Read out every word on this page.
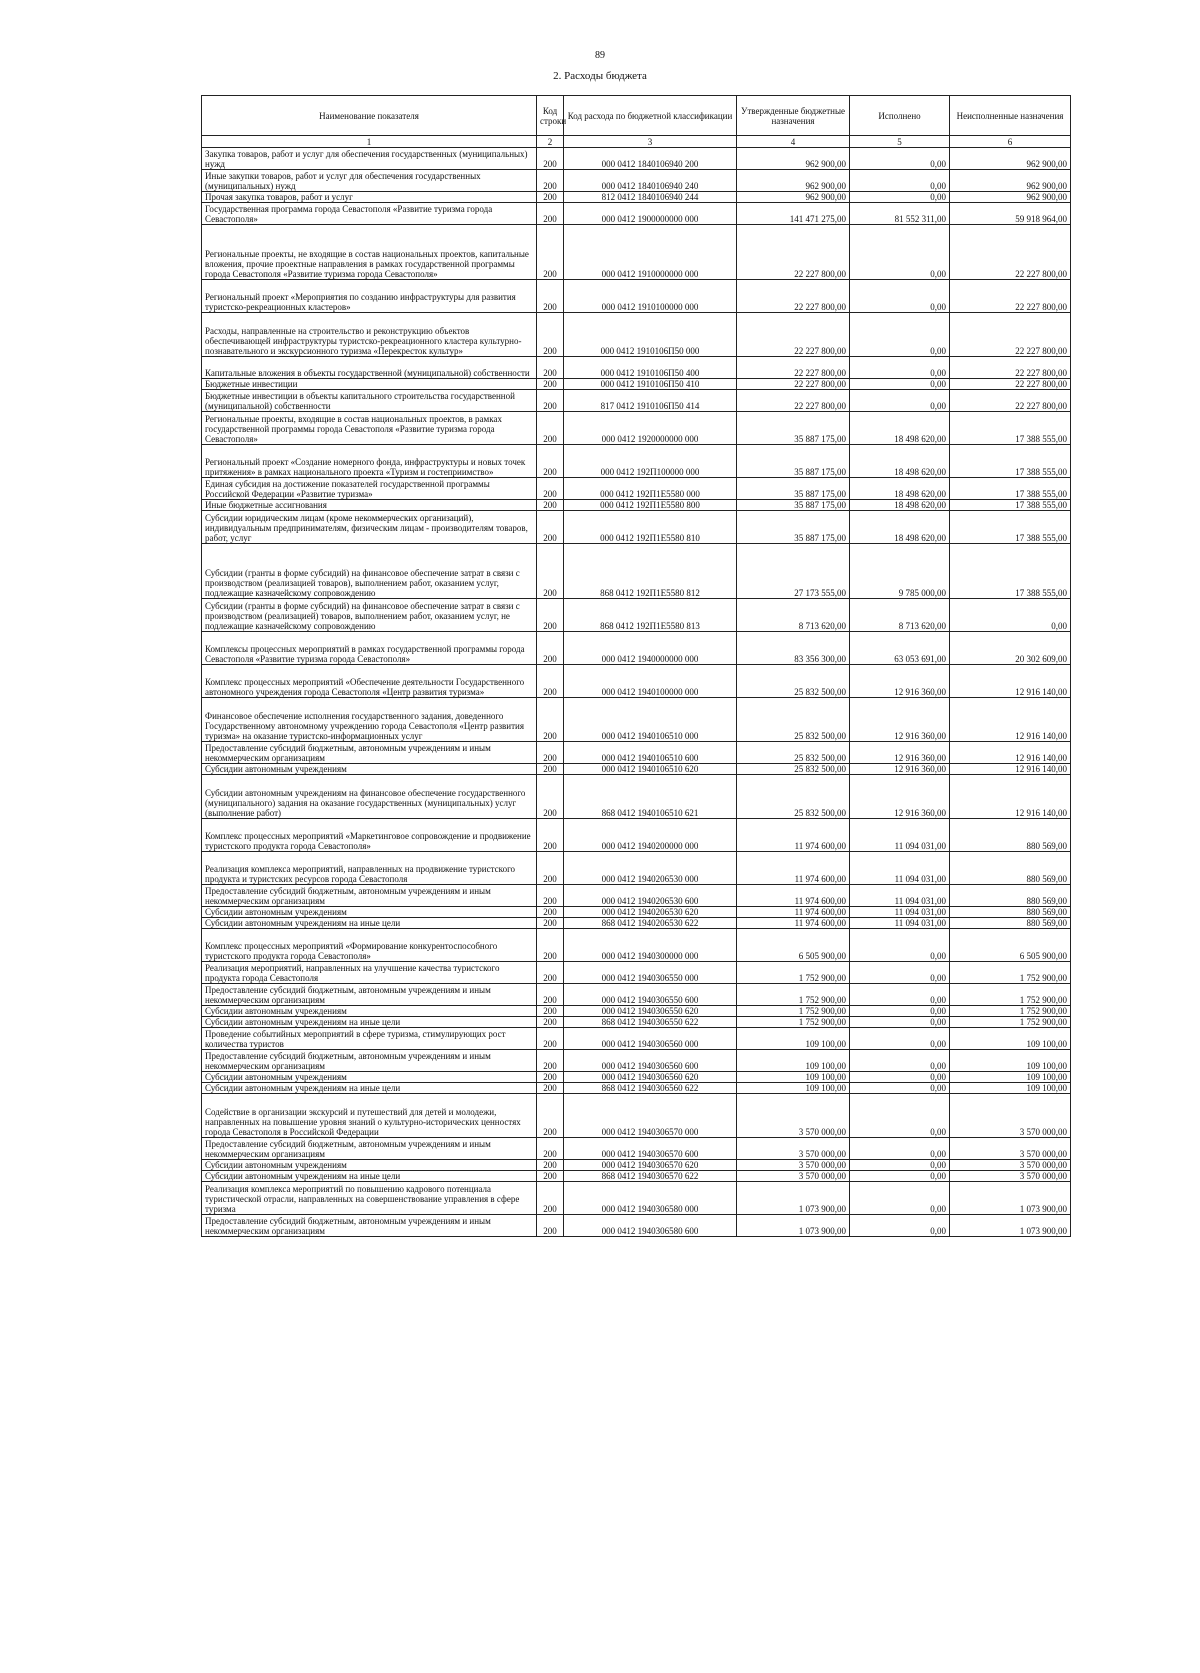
89
2. Расходы бюджета
Наименование показателя	Код строки	Код расхода по бюджетной классификации	Утвержденные бюджетные назначения	Исполнено	Неисполненные назначения
1	2	3	4	5	6
Закупка товаров, работ и услуг для обеспечения государственных (муниципальных) нужд	200	000 0412 1840106940 200	962 900,00	0,00	962 900,00
Иные закупки товаров, работ и услуг для обеспечения государственных (муниципальных) нужд	200	000 0412 1840106940 240	962 900,00	0,00	962 900,00
Прочая закупка товаров, работ и услуг	200	812 0412 1840106940 244	962 900,00	0,00	962 900,00
Государственная программа города Севастополя «Развитие туризма города Севастополя»	200	000 0412 1900000000 000	141 471 275,00	81 552 311,00	59 918 964,00
Региональные проекты, не входящие в состав национальных проектов, капитальные вложения, прочие проектные направления в рамках государственной программы города Севастополя «Развитие туризма города Севастополя»	200	000 0412 1910000000 000	22 227 800,00	0,00	22 227 800,00
Региональный проект «Мероприятия по созданию инфраструктуры для развития туристско-рекреационных кластеров»	200	000 0412 1910100000 000	22 227 800,00	0,00	22 227 800,00
Расходы, направленные на строительство и реконструкцию объектов обеспечивающей инфраструктуры туристско-рекреационного кластера культурно-познавательного и экскурсионного туризма «Перекресток культур»	200	000 0412 1910106П50 000	22 227 800,00	0,00	22 227 800,00
Капитальные вложения в объекты государственной (муниципальной) собственности	200	000 0412 1910106П50 400	22 227 800,00	0,00	22 227 800,00
Бюджетные инвестиции	200	000 0412 1910106П50 410	22 227 800,00	0,00	22 227 800,00
Бюджетные инвестиции в объекты капитального строительства государственной (муниципальной) собственности	200	817 0412 1910106П50 414	22 227 800,00	0,00	22 227 800,00
Региональные проекты, входящие в состав национальных проектов, в рамках государственной программы города Севастополя «Развитие туризма города Севастополя»	200	000 0412 1920000000 000	35 887 175,00	18 498 620,00	17 388 555,00
Региональный проект «Создание номерного фонда, инфраструктуры и новых точек притяжения» в рамках национального проекта «Туризм и гостеприимство»	200	000 0412 192П100000 000	35 887 175,00	18 498 620,00	17 388 555,00
Единая субсидия на достижение показателей государственной программы Российской Федерации «Развитие туризма»	200	000 0412 192П1Е5580 000	35 887 175,00	18 498 620,00	17 388 555,00
Иные бюджетные ассигнования	200	000 0412 192П1Е5580 800	35 887 175,00	18 498 620,00	17 388 555,00
Субсидии юридическим лицам (кроме некоммерческих организаций), индивидуальным предпринимателям, физическим лицам - производителям товаров, работ, услуг	200	000 0412 192П1Е5580 810	35 887 175,00	18 498 620,00	17 388 555,00
Субсидии (гранты в форме субсидий) на финансовое обеспечение затрат в связи с производством (реализацией товаров), выполнением работ, оказанием услуг, подлежащие казначейскому сопровождению	200	868 0412 192П1Е5580 812	27 173 555,00	9 785 000,00	17 388 555,00
Субсидии (гранты в форме субсидий) на финансовое обеспечение затрат в связи с производством (реализацией) товаров, выполнением работ, оказанием услуг, не подлежащие казначейскому сопровождению	200	868 0412 192П1Е5580 813	8 713 620,00	8 713 620,00	0,00
Комплексы процессных мероприятий в рамках государственной программы города Севастополя «Развитие туризма города Севастополя»	200	000 0412 1940000000 000	83 356 300,00	63 053 691,00	20 302 609,00
Комплекс процессных мероприятий «Обеспечение деятельности Государственного автономного учреждения города Севастополя «Центр развития туризма»	200	000 0412 1940100000 000	25 832 500,00	12 916 360,00	12 916 140,00
Финансовое обеспечение исполнения государственного задания, доведенного Государственному автономному учреждению города Севастополя «Центр развития туризма» на оказание туристско-информационных услуг	200	000 0412 1940106510 000	25 832 500,00	12 916 360,00	12 916 140,00
Предоставление субсидий бюджетным, автономным учреждениям и иным некоммерческим организациям	200	000 0412 1940106510 600	25 832 500,00	12 916 360,00	12 916 140,00
Субсидии автономным учреждениям	200	000 0412 1940106510 620	25 832 500,00	12 916 360,00	12 916 140,00
Субсидии автономным учреждениям на финансовое обеспечение государственного (муниципального) задания на оказание государственных (муниципальных) услуг (выполнение работ)	200	868 0412 1940106510 621	25 832 500,00	12 916 360,00	12 916 140,00
Комплекс процессных мероприятий «Маркетинговое сопровождение и продвижение туристского продукта города Севастополя»	200	000 0412 1940200000 000	11 974 600,00	11 094 031,00	880 569,00
Реализация комплекса мероприятий, направленных на продвижение туристского продукта и туристских ресурсов города Севастополя	200	000 0412 1940206530 000	11 974 600,00	11 094 031,00	880 569,00
Предоставление субсидий бюджетным, автономным учреждениям и иным некоммерческим организациям	200	000 0412 1940206530 600	11 974 600,00	11 094 031,00	880 569,00
Субсидии автономным учреждениям	200	000 0412 1940206530 620	11 974 600,00	11 094 031,00	880 569,00
Субсидии автономным учреждениям на иные цели	200	868 0412 1940206530 622	11 974 600,00	11 094 031,00	880 569,00
Комплекс процессных мероприятий «Формирование конкурентоспособного туристского продукта города Севастополя»	200	000 0412 1940300000 000	6 505 900,00	0,00	6 505 900,00
Реализация мероприятий, направленных на улучшение качества туристского продукта города Севастополя	200	000 0412 1940306550 000	1 752 900,00	0,00	1 752 900,00
Предоставление субсидий бюджетным, автономным учреждениям и иным некоммерческим организациям	200	000 0412 1940306550 600	1 752 900,00	0,00	1 752 900,00
Субсидии автономным учреждениям	200	000 0412 1940306550 620	1 752 900,00	0,00	1 752 900,00
Субсидии автономным учреждениям на иные цели	200	868 0412 1940306550 622	1 752 900,00	0,00	1 752 900,00
Проведение событийных мероприятий в сфере туризма, стимулирующих рост количества туристов	200	000 0412 1940306560 000	109 100,00	0,00	109 100,00
Предоставление субсидий бюджетным, автономным учреждениям и иным некоммерческим организациям	200	000 0412 1940306560 600	109 100,00	0,00	109 100,00
Субсидии автономным учреждениям	200	000 0412 1940306560 620	109 100,00	0,00	109 100,00
Субсидии автономным учреждениям на иные цели	200	868 0412 1940306560 622	109 100,00	0,00	109 100,00
Содействие в организации экскурсий и путешествий для детей и молодежи, направленных на повышение уровня знаний о культурно-исторических ценностях города Севастополя в Российской Федерации	200	000 0412 1940306570 000	3 570 000,00	0,00	3 570 000,00
Предоставление субсидий бюджетным, автономным учреждениям и иным некоммерческим организациям	200	000 0412 1940306570 600	3 570 000,00	0,00	3 570 000,00
Субсидии автономным учреждениям	200	000 0412 1940306570 620	3 570 000,00	0,00	3 570 000,00
Субсидии автономным учреждениям на иные цели	200	868 0412 1940306570 622	3 570 000,00	0,00	3 570 000,00
Реализация комплекса мероприятий по повышению кадрового потенциала туристической отрасли, направленных на совершенствование управления в сфере туризма	200	000 0412 1940306580 000	1 073 900,00	0,00	1 073 900,00
Предоставление субсидий бюджетным, автономным учреждениям и иным некоммерческим организациям	200	000 0412 1940306580 600	1 073 900,00	0,00	1 073 900,00
